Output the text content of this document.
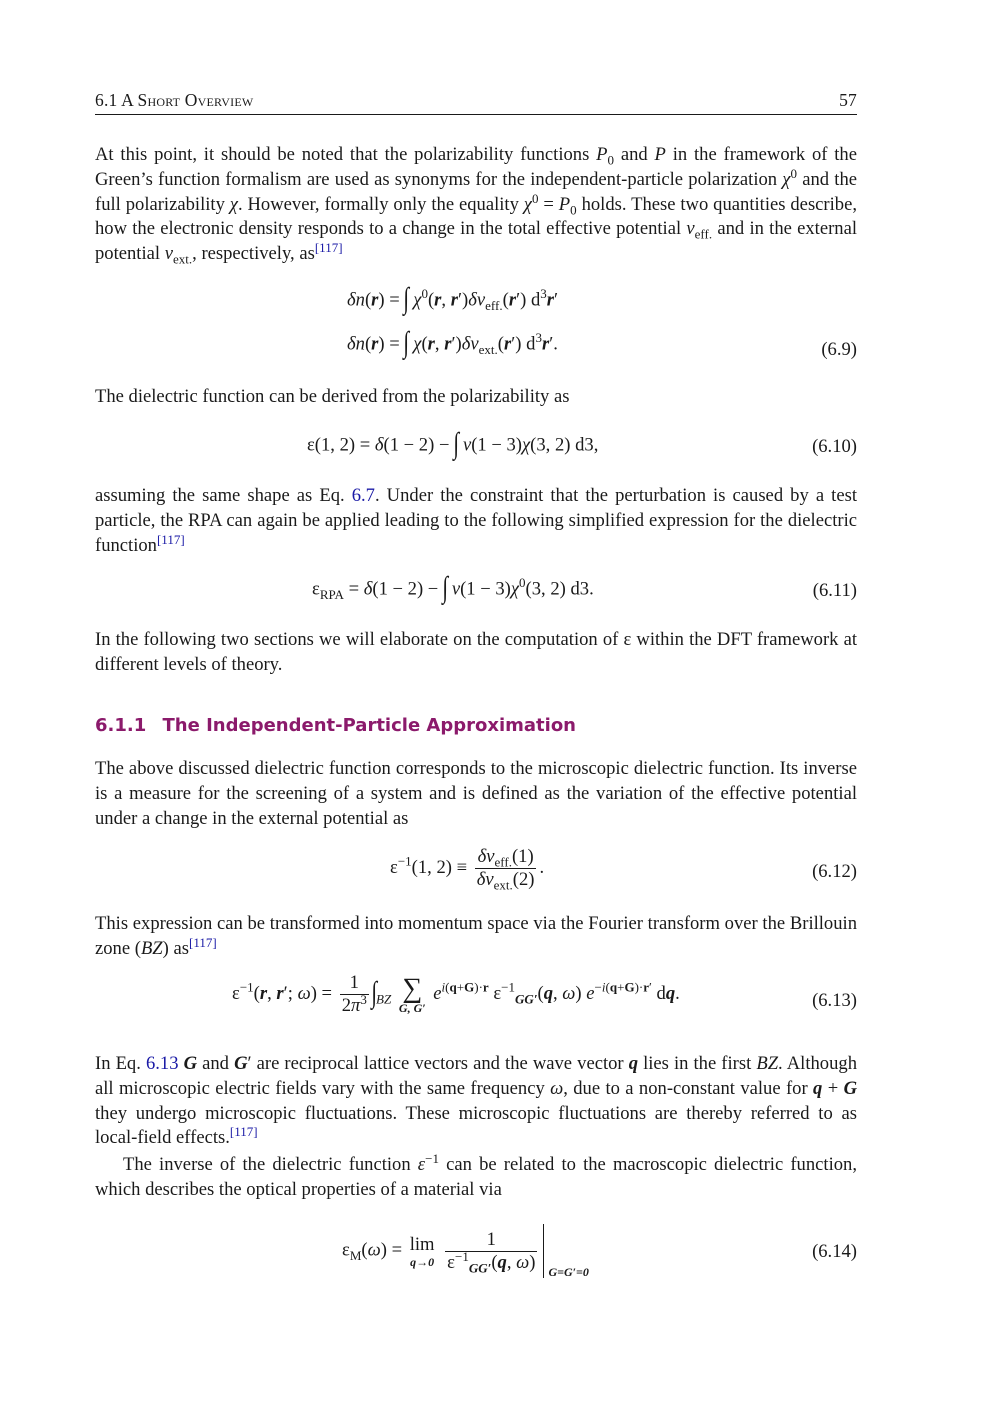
6.1 A Short Overview	57
At this point, it should be noted that the polarizability functions $P_0$ and P in the framework of the Green’s function formalism are used as synonyms for the independent-particle polarization $\chi^0$ and the full polarizability χ. However, formally only the equality $\chi^0 = P_0$ holds. These two quantities describe, how the electronic density responds to a change in the total effective potential $v_{eff.}$ and in the external potential $v_{ext.}$, respectively, as[117]
δn(r) = ∫ $\chi^0(r$, $r')\delta v_{eff.}(r')$ $d^3r'$
δn(r) = ∫ χ(r, $r')\delta v_{ext.}(r')$ $d^3r'$.	(6.9)
The dielectric function can be derived from the polarizability as
ε(1, 2) = δ(1 − 2) − ∫ v(1 − 3)χ(3, 2) d3,	(6.10)
assuming the same shape as Eq. 6.7. Under the constraint that the perturbation is caused by a test particle, the RPA can again be applied leading to the following simplified expression for the dielectric function[117]
$\varepsilon_{RPA} = \delta(1 - 2)$ − ∫ $v(1 - 3)\chi^0(3$, 2) d3.	(6.11)
In the following two sections we will elaborate on the computation of ε within the DFT framework at different levels of theory.
6.1.1 The Independent-Particle Approximation
The above discussed dielectric function corresponds to the microscopic dielectric function. Its inverse is a measure for the screening of a system and is defined as the variation of the effective potential under a change in the external potential as
$\varepsilon^{-1}(1$, $2) \equiv \frac{\delta v_{eff.}(1)}{\delta v_{ext.}(2)}$ .	(6.12)
This expression can be transformed into momentum space via the Fourier transform over the Brillouin zone (BZ) as[117]
$\varepsilon^{-1}(r$, r′; $\omega) = \frac{1}{2\pi^3} \int_{BZ}$ ∑
G, G′
$e^{i(q+G)\cdot r}$ $\varepsilon^{-1}_{GG'}(q$, ω) $e^{-i(q+G)\cdot r'}$ dq.	(6.13)
In Eq. 6.13 G and G′ are reciprocal lattice vectors and the wave vector q lies in the first BZ. Although all microscopic electric fields vary with the same frequency ω, due to a non-constant value for q + G they undergo microscopic fluctuations. These microscopic fluctuations are thereby referred to as local-field effects.[117]
The inverse of the dielectric function $\varepsilon^{-1}$ can be related to the macroscopic dielectric function, which describes the optical properties of a material via
$\varepsilon_M(\omega) = \lim$
q→0
$\frac{1}{\varepsilon^{-1}_{GG'}(q, \omega)} G=G'=0$
(6.14)
